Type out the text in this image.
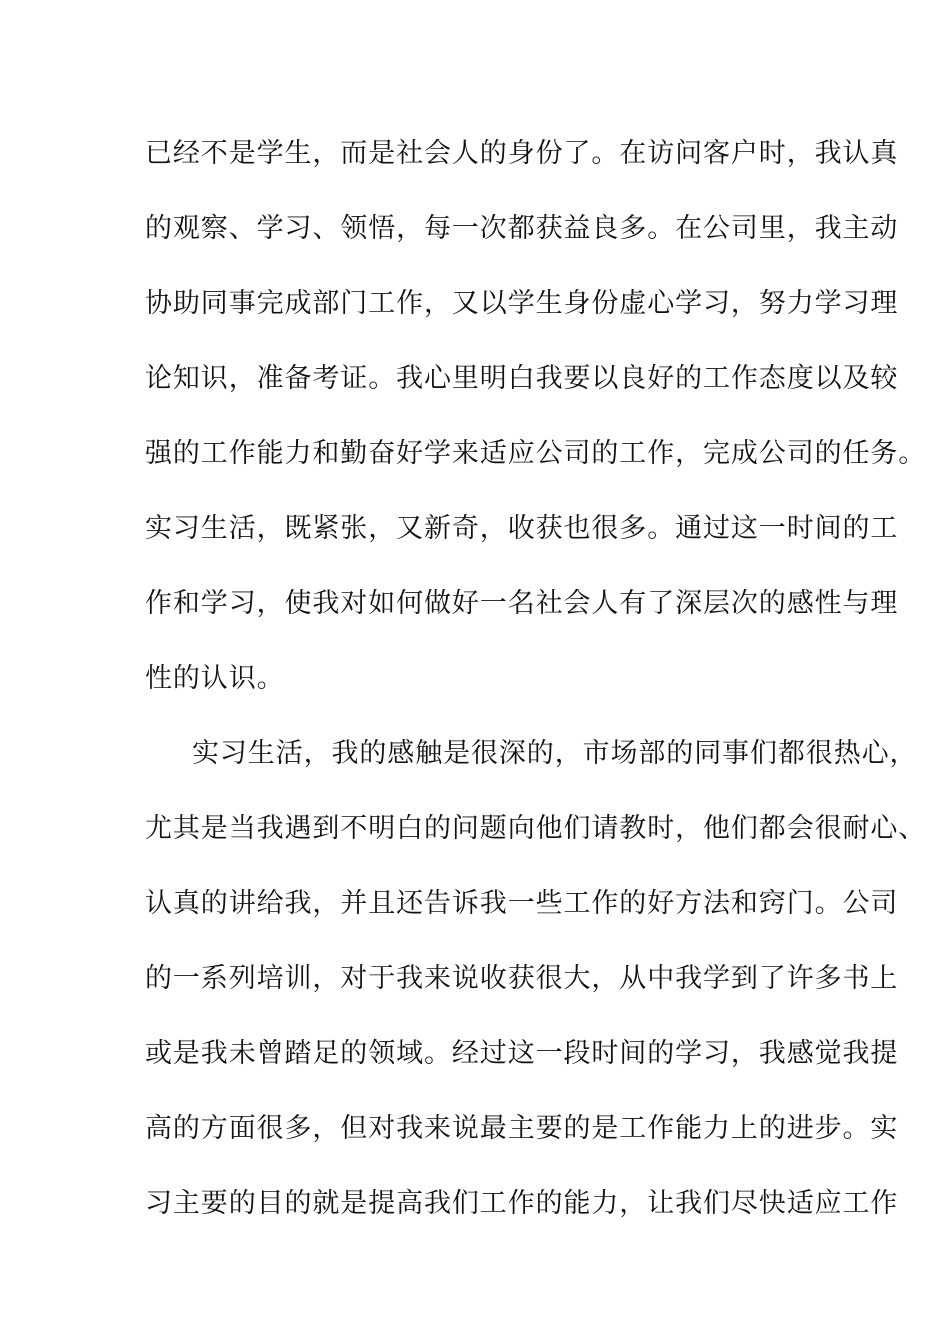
已经不是学生，而是社会人的身份了。在访问客户时，我认真
的观察、学习、领悟，每一次都获益良多。在公司里，我主动
协助同事完成部门工作，又以学生身份虚心学习，努力学习理
论知识，准备考证。我心里明白我要以良好的工作态度以及较
强的工作能力和勤奋好学来适应公司的工作，完成公司的任务。
实习生活，既紧张，又新奇，收获也很多。通过这一时间的工
作和学习，使我对如何做好一名社会人有了深层次的感性与理
性的认识。
实习生活，我的感触是很深的，市场部的同事们都很热心，
尤其是当我遇到不明白的问题向他们请教时，他们都会很耐心、
认真的讲给我，并且还告诉我一些工作的好方法和窍门。公司
的一系列培训，对于我来说收获很大，从中我学到了许多书上
或是我未曾踏足的领域。经过这一段时间的学习，我感觉我提
高的方面很多，但对我来说最主要的是工作能力上的进步。实
习主要的目的就是提高我们工作的能力，让我们尽快适应工作
